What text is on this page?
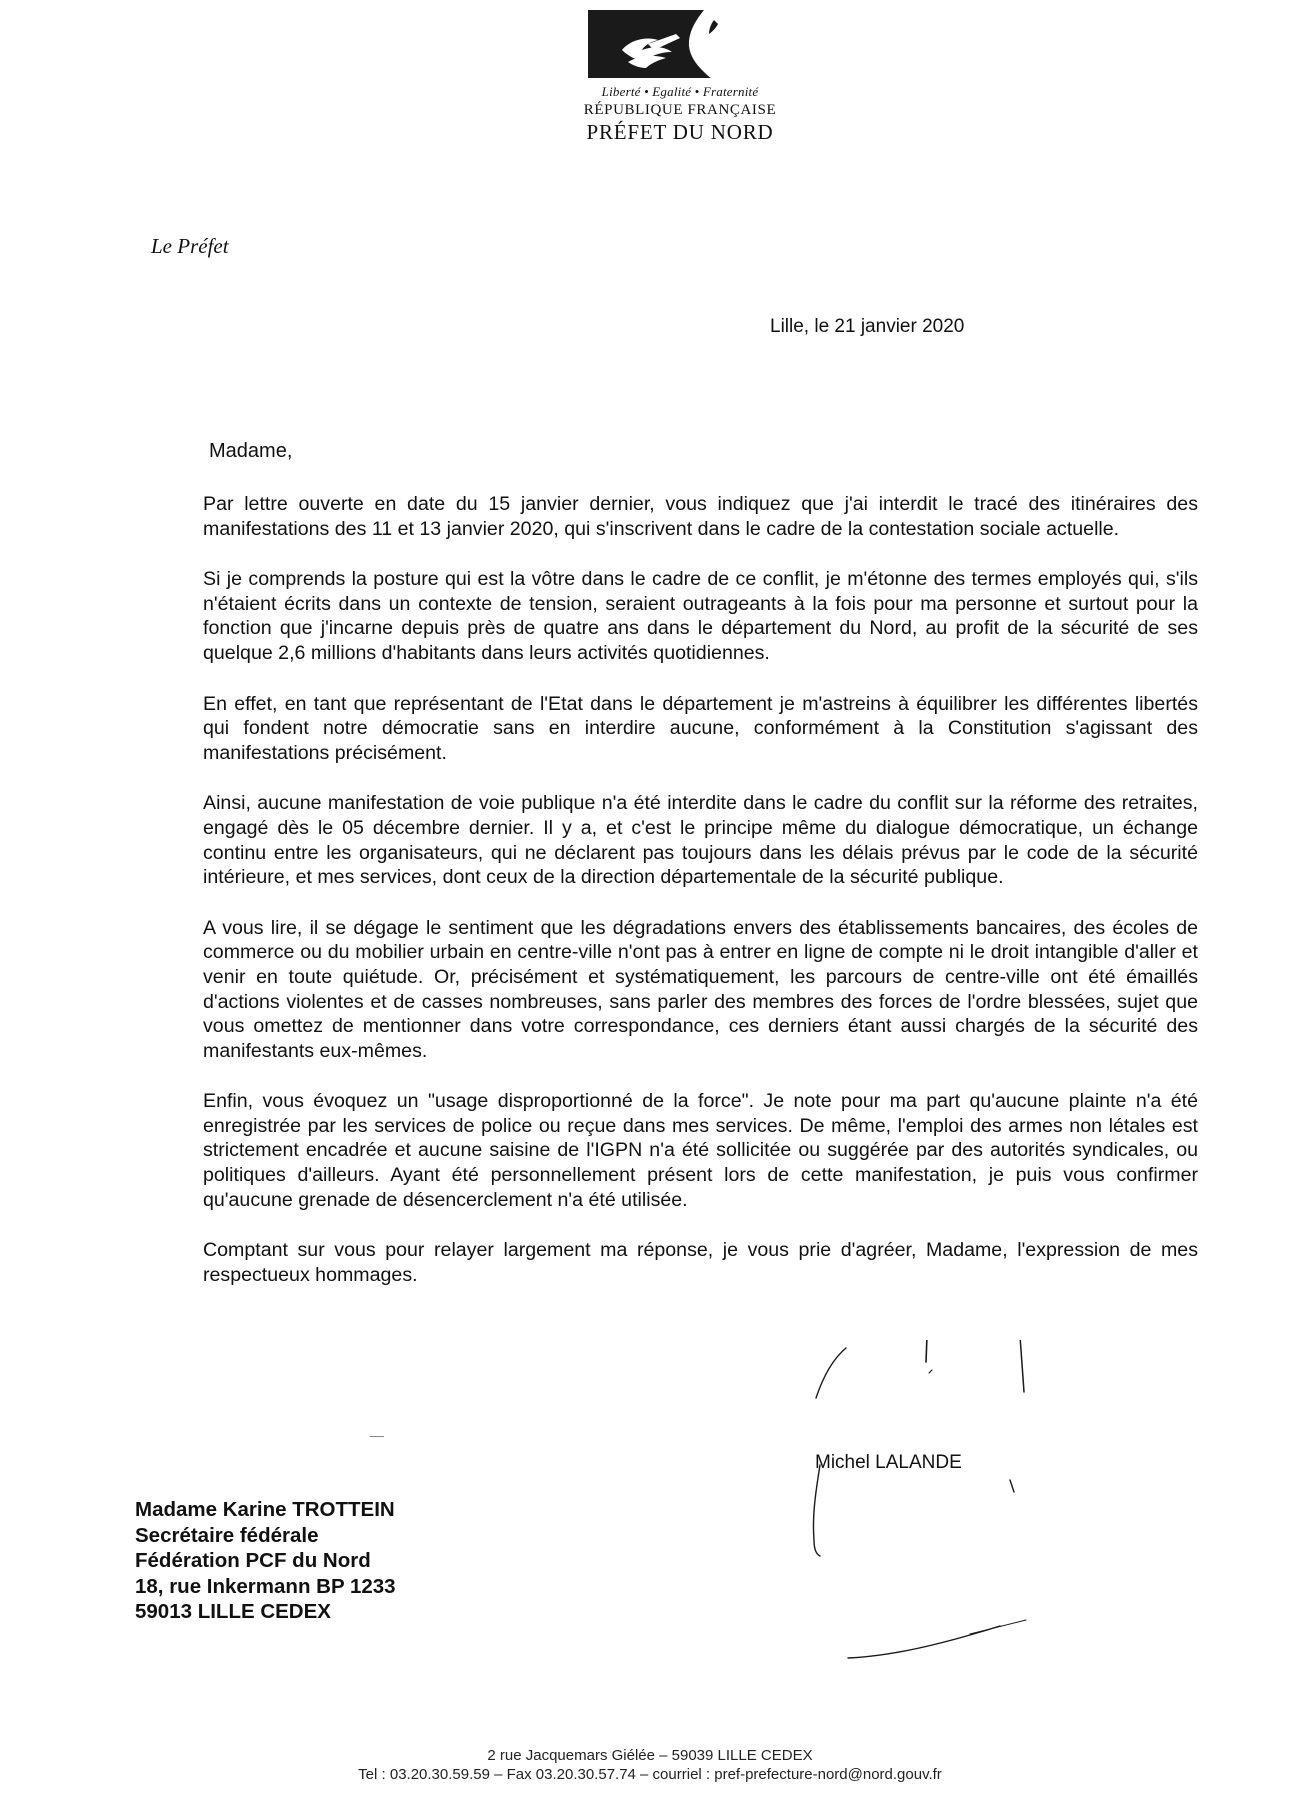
Liberté • Egalité • Fraternité
RÉPUBLIQUE FRANÇAISE
PRÉFET DU NORD
Le Préfet
Lille, le 21 janvier 2020
Madame,

Par lettre ouverte en date du 15 janvier dernier, vous indiquez que j'ai interdit le tracé des itinéraires des manifestations des 11 et 13 janvier 2020, qui s'inscrivent dans le cadre de la contestation sociale actuelle.

Si je comprends la posture qui est la vôtre dans le cadre de ce conflit, je m'étonne des termes employés qui, s'ils n'étaient écrits dans un contexte de tension, seraient outrageants à la fois pour ma personne et surtout pour la fonction que j'incarne depuis près de quatre ans dans le département du Nord, au profit de la sécurité de ses quelque 2,6 millions d'habitants dans leurs activités quotidiennes.

En effet, en tant que représentant de l'Etat dans le département je m'astreins à équilibrer les différentes libertés qui fondent notre démocratie sans en interdire aucune, conformément à la Constitution s'agissant des manifestations précisément.

Ainsi, aucune manifestation de voie publique n'a été interdite dans le cadre du conflit sur la réforme des retraites, engagé dès le 05 décembre dernier. Il y a, et c'est le principe même du dialogue démocratique, un échange continu entre les organisateurs, qui ne déclarent pas toujours dans les délais prévus par le code de la sécurité intérieure, et mes services, dont ceux de la direction départementale de la sécurité publique.

A vous lire, il se dégage le sentiment que les dégradations envers des établissements bancaires, des écoles de commerce ou du mobilier urbain en centre-ville n'ont pas à entrer en ligne de compte ni le droit intangible d'aller et venir en toute quiétude. Or, précisément et systématiquement, les parcours de centre-ville ont été émaillés d'actions violentes et de casses nombreuses, sans parler des membres des forces de l'ordre blessées, sujet que vous omettez de mentionner dans votre correspondance, ces derniers étant aussi chargés de la sécurité des manifestants eux-mêmes.

Enfin, vous évoquez un "usage disproportionné de la force". Je note pour ma part qu'aucune plainte n'a été enregistrée par les services de police ou reçue dans mes services. De même, l'emploi des armes non létales est strictement encadrée et aucune saisine de l'IGPN n'a été sollicitée ou suggérée par des autorités syndicales, ou politiques d'ailleurs. Ayant été personnellement présent lors de cette manifestation, je puis vous confirmer qu'aucune grenade de désencerclement n'a été utilisée.

Comptant sur vous pour relayer largement ma réponse, je vous prie d'agréer, Madame, l'expression de mes respectueux hommages.

Michel LALANDE
Madame Karine TROTTEIN
Secrétaire fédérale
Fédération PCF du Nord
18, rue Inkermann BP 1233
59013 LILLE CEDEX
2 rue Jacquemars Giélée – 59039 LILLE CEDEX
Tel : 03.20.30.59.59 – Fax 03.20.30.57.74 – courriel : pref-prefecture-nord@nord.gouv.fr
